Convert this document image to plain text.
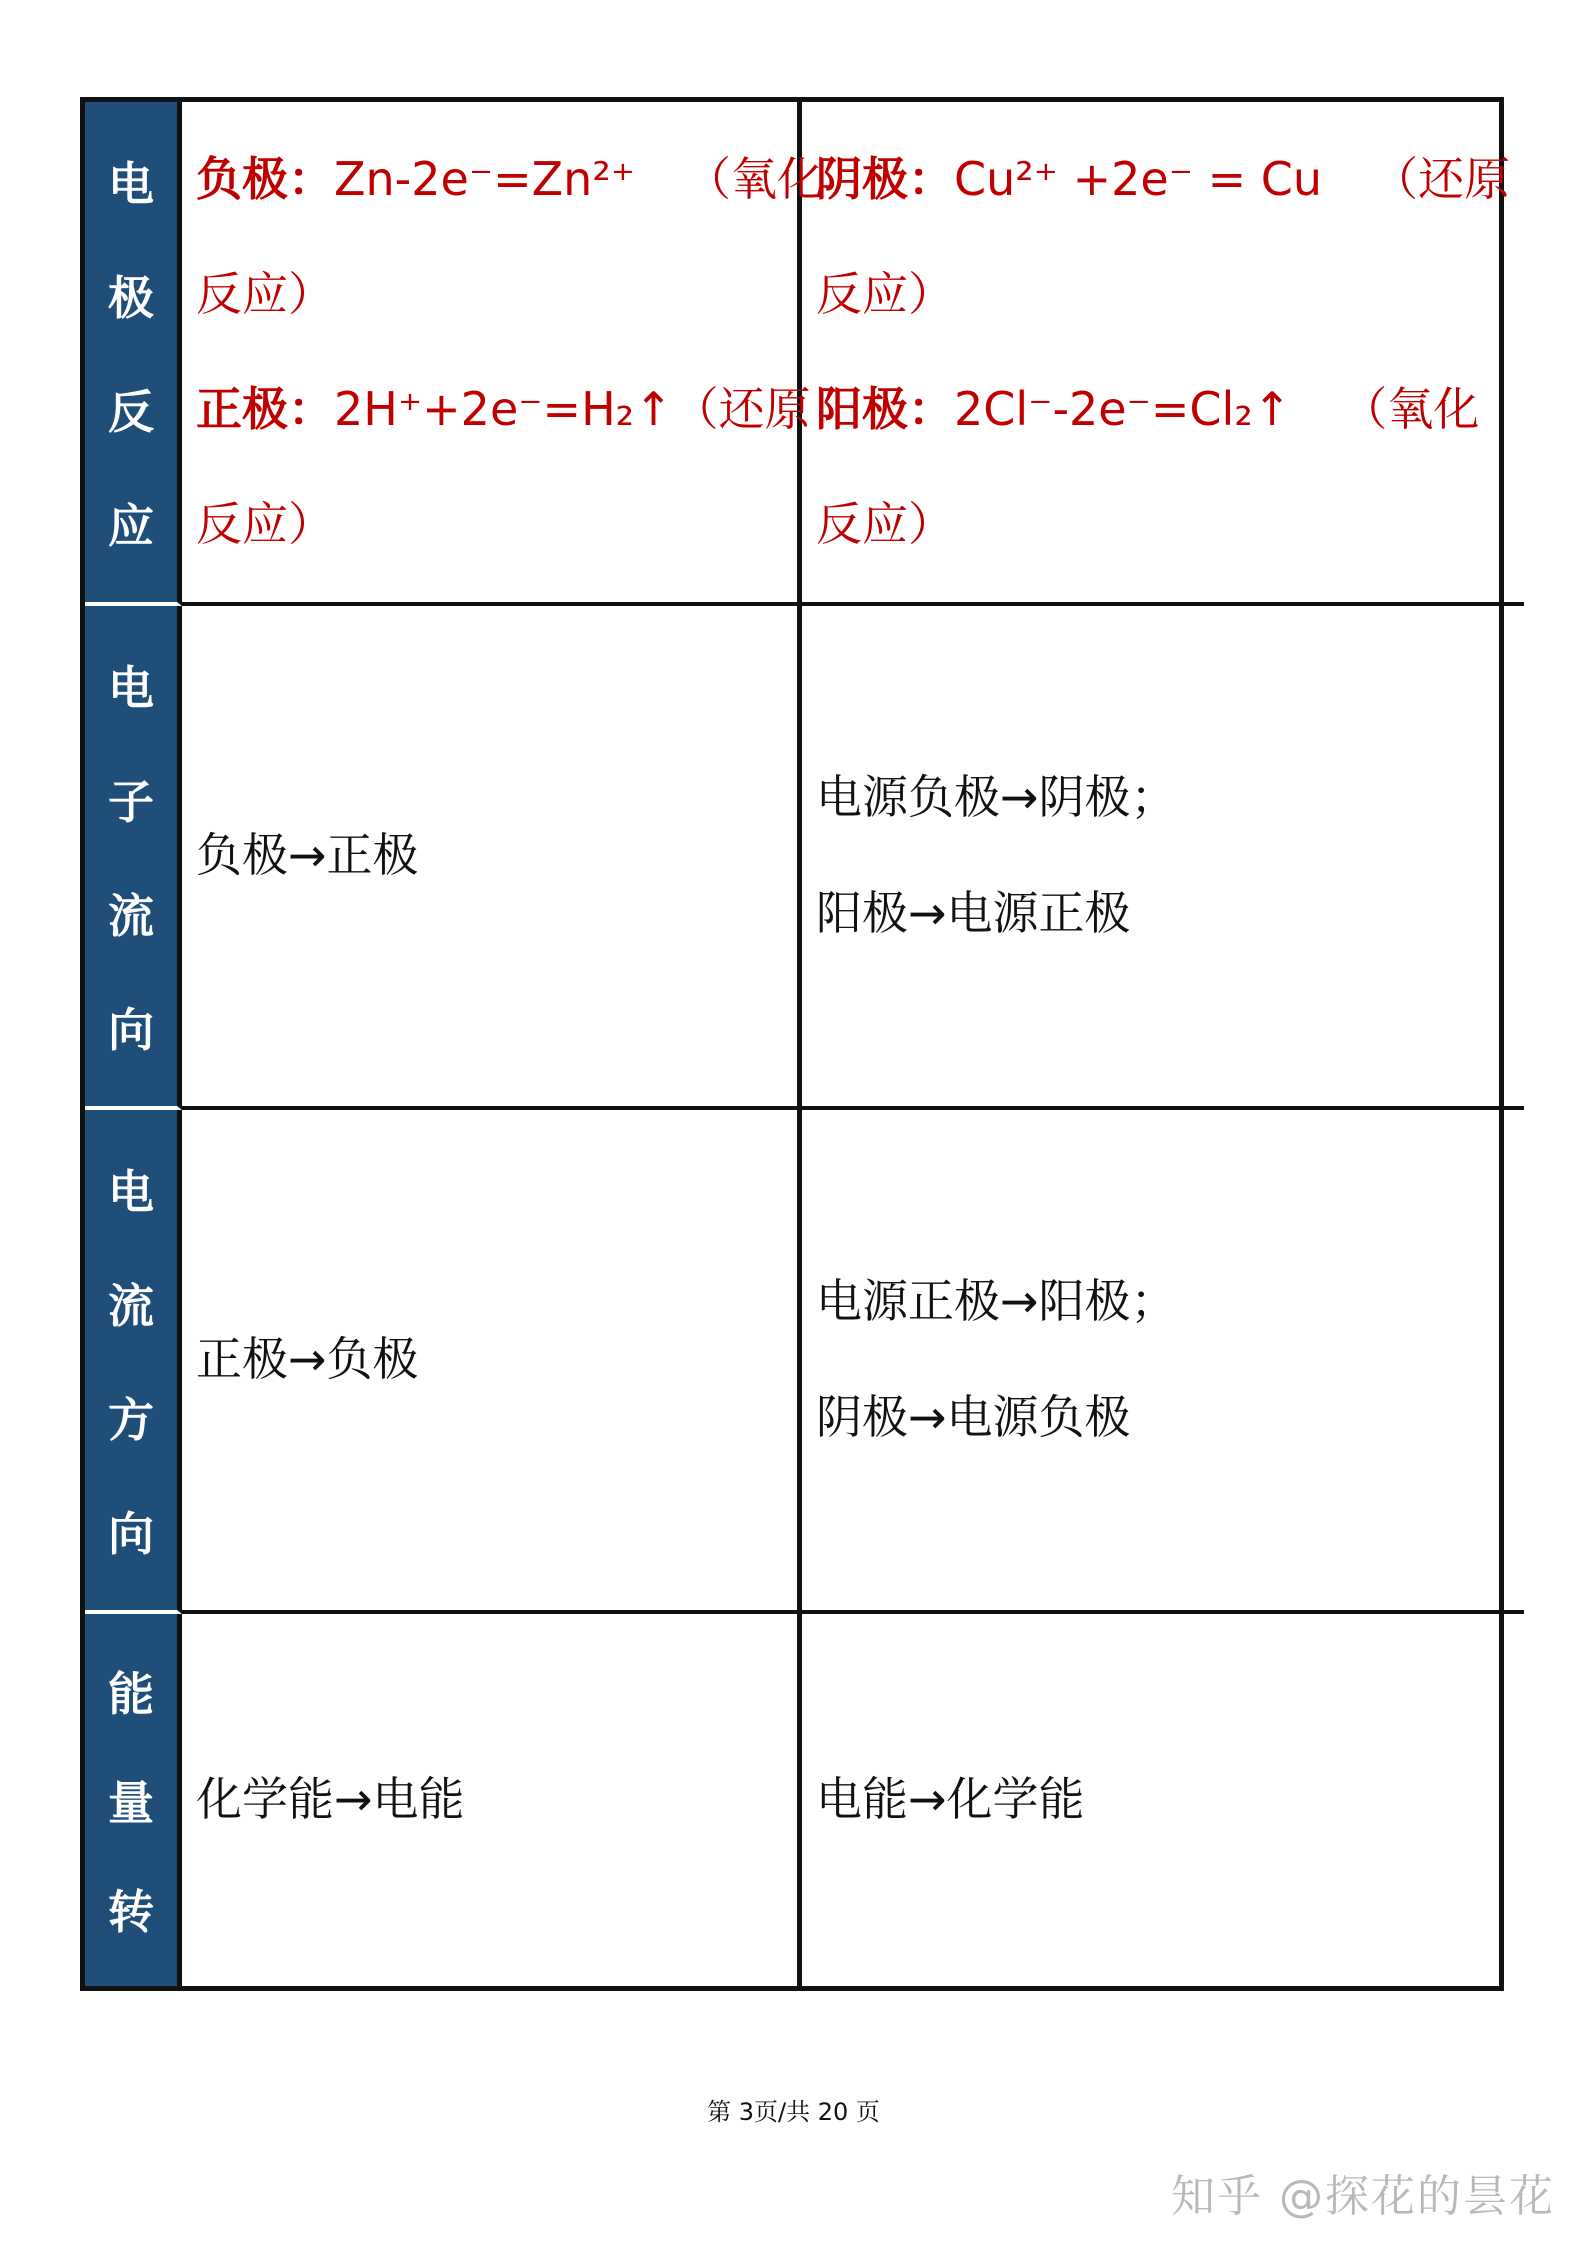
电
极
反
应
负极：Zn-2e⁻=Zn²⁺ （氧化
反应）
正极：2H⁺+2e⁻=H₂↑（还原
反应）
阴极：Cu²⁺ +2e⁻ = Cu （还原
反应）
阳极：2Cl⁻-2e⁻=Cl₂↑ （氧化
反应）
电
子
流
向
负极→正极
电源负极→阴极；
阳极→电源正极
电
流
方
向
正极→负极
电源正极→阳极；
阴极→电源负极
能
量
转
化学能→电能	电能→化学能
第 3页/共 20 页
知乎 @探花的昙花
